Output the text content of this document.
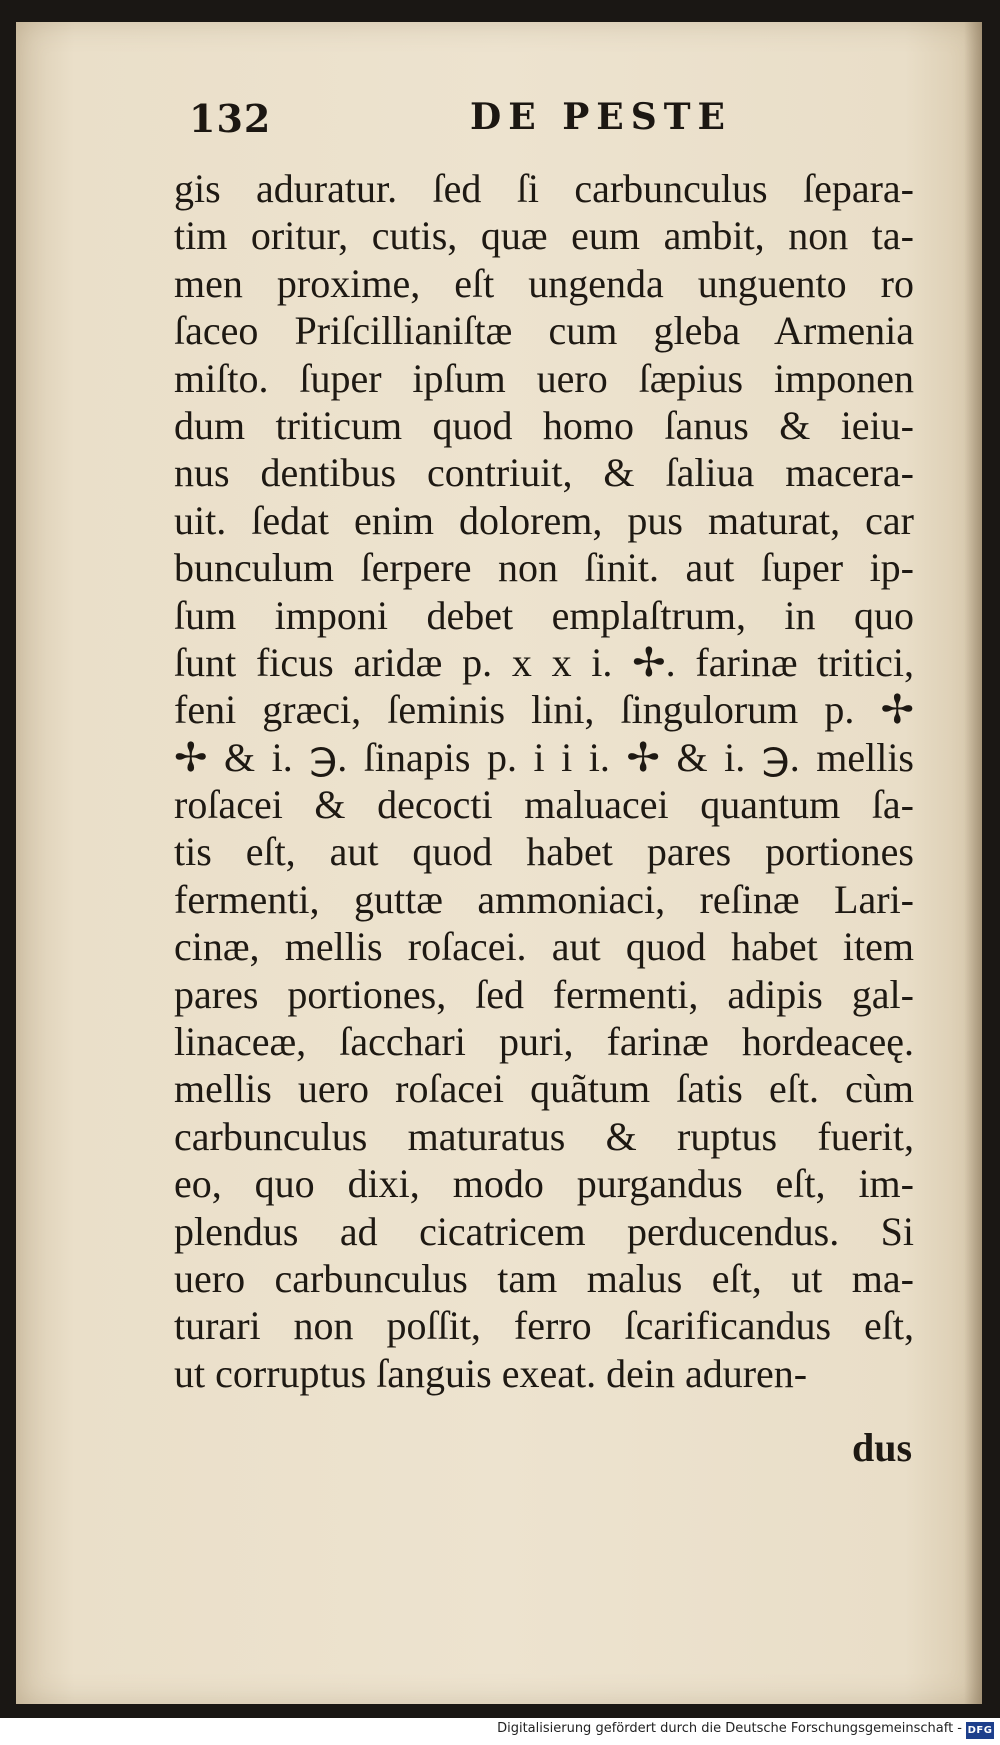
132	DE PESTE
gis aduratur. ſed ſi carbunculus ſepara-
tim oritur, cutis, quæ eum ambit, non ta-
men proxime, eſt ungenda unguento ro
ſaceo Priſcillianiſtæ cum gleba Armenia
miſto. ſuper ipſum uero ſæpius imponen
dum triticum quod homo ſanus & ieiu-
nus dentibus contriuit, & ſaliua macera-
uit. ſedat enim dolorem, pus maturat, car
bunculum ſerpere non ſinit. aut ſuper ip-
ſum imponi debet emplaſtrum, in quo
ſunt ficus aridæ p. x x i. ✢. farinæ tritici,
feni græci, ſeminis lini, ſingulorum p. ✢
✢ & i. ℈. ſinapis p. i i i. ✢ & i. ℈. mellis
roſacei & decocti maluacei quantum ſa-
tis eſt, aut quod habet pares portiones
fermenti, guttæ ammoniaci, reſinæ Lari-
cinæ, mellis roſacei. aut quod habet item
pares portiones, ſed fermenti, adipis gal-
linaceæ, ſacchari puri, farinæ hordeaceę.
mellis uero roſacei quãtum ſatis eſt. cùm
carbunculus maturatus & ruptus fuerit,
eo, quo dixi, modo purgandus eſt, im-
plendus ad cicatricem perducendus. Si
uero carbunculus tam malus eſt, ut ma-
turari non poſſit, ferro ſcarificandus eſt,
ut corruptus ſanguis exeat. dein aduren-
dus
Digitalisierung gefördert durch die Deutsche Forschungsgemeinschaft - DFG
